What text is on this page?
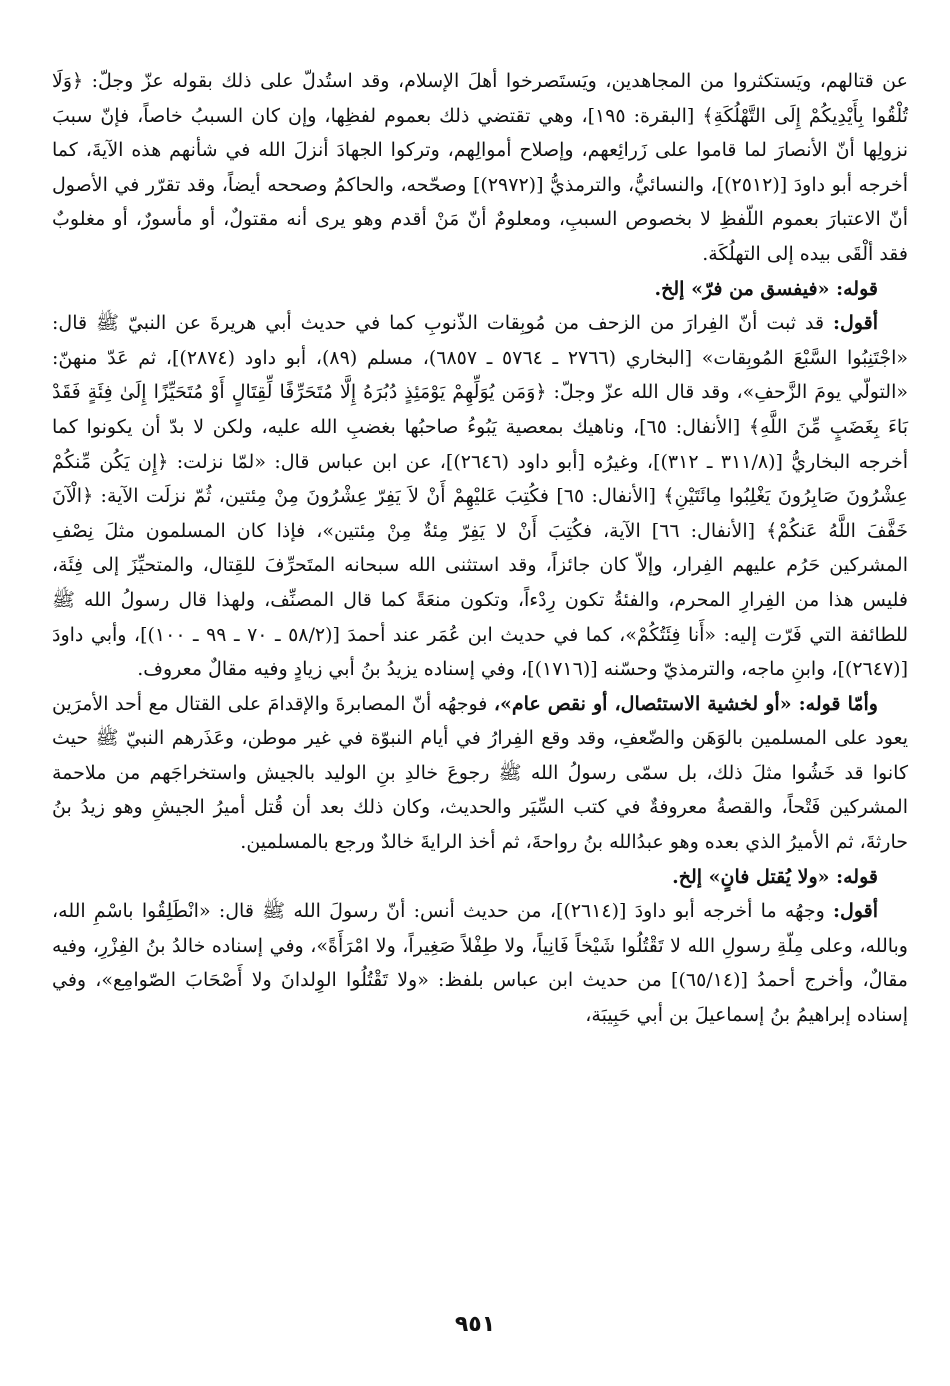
عن قتالهم، ويَستكثروا من المجاهدين، ويَستَصرخوا أهلَ الإسلام، وقد استُدلّ على ذلك بقوله عزّ وجلّ: ﴿وَلَا تُلْقُوا بِأَيْدِيكُمْ إِلَى التَّهْلُكَةِ﴾ [البقرة: ١٩٥]، وهي تقتضي ذلك بعموم لفظِها، وإن كان السببُ خاصاً، فإنّ سببَ نزولِها أنّ الأنصارَ لما قاموا على زَرائِعهم، وإصلاح أموالِهم، وتركوا الجهادَ أنزلَ الله في شأنهم هذه الآيةَ، كما أخرجه أبو داودَ [(٢٥١٢)]، والنسائيُّ، والترمذيُّ [(٢٩٧٢)] وصحّحه، والحاكمُ وصححه أيضاً، وقد تقرّر في الأصول أنّ الاعتبارَ بعموم اللّفظِ لا بخصوص السببِ، ومعلومٌ أنّ مَنْ أقدم وهو يرى أنه مقتولٌ، أو مأسورٌ، أو مغلوبٌ فقد ألْقَى بيده إلى التهلُكَة.

قوله: «فيفسق من فرّ» إلخ.

أقول: قد ثبت أنّ الفِرارَ من الزحف من مُوبِقات الذّنوبِ كما في حديث أبي هريرةَ عن النبيّ ﷺ قال: «اجْتَنِبُوا السَّبْعَ المُوبِقات» [البخاري (٢٧٦٦ ـ ٥٧٦٤ ـ ٦٨٥٧)، مسلم (٨٩)، أبو داود (٢٨٧٤)]، ثم عَدّ منهنّ: «التولّي يومَ الزَّحفِ»، وقد قال الله عزّ وجلّ: ﴿وَمَن يُوَلِّهِمْ يَوْمَئِذٍ دُبُرَهُ إِلَّا مُتَحَرِّفًا لِّقِتَالٍ أَوْ مُتَحَيِّزًا إِلَىٰ فِئَةٍ فَقَدْ بَاءَ بِغَضَبٍ مِّنَ اللَّهِ﴾ [الأنفال: ٦٥]، وناهيك بمعصية يَبُوءُ صاحبُها بغضبِ الله عليه، ولكن لا بدّ أن يكونوا كما أخرجه البخاريُّ [(٣١١/٨ ـ ٣١٢)]، وغيرُه [أبو داود (٢٦٤٦)]، عن ابن عباس قال: «لمّا نزلت: ﴿إِن يَكُن مِّنكُمْ عِشْرُونَ صَابِرُونَ يَغْلِبُوا مِائَتَيْنِ﴾ [الأنفال: ٦٥] فكُتِبَ عَليْهِمْ أَنْ لاَ يَفِرّ عِشْرُونَ مِنْ مِئتين، ثُمّ نزلَت الآية: ﴿الْآنَ خَفَّفَ اللَّهُ عَنكُمْ﴾ [الأنفال: ٦٦] الآية، فكُتِبَ أَنْ لا يَفِرّ مِئةٌ مِنْ مِئتين»، فإذا كان المسلمون مثلَ نِصْفِ المشركين حَرُم عليهم الفِرار، وإلاّ كان جائزاً، وقد استثنى الله سبحانه المتَحرِّفَ للقِتال، والمتحيِّزَ إلى فِئَة، فليس هذا من الفِرارِ المحرم، والفئةُ تكون رِدْءاً، وتكون منعَةً كما قال المصنِّف، ولهذا قال رسولُ الله ﷺ للطائفة التي فَرّت إليه: «أَنا فِئَتُكُمْ»، كما في حديث ابن عُمَر عند أحمدَ [(٥٨/٢ ـ ٧٠ ـ ٩٩ ـ ١٠٠)]، وأبي داودَ [(٢٦٤٧)]، وابنِ ماجه، والترمذيّ وحسّنه [(١٧١٦)]، وفي إسناده يزيدُ بنُ أبي زيادٍ وفيه مقالٌ معروف.

وأمّا قوله: «أو لخشية الاستئصال، أو نقص عام»، فوجهُه أنّ المصابرةَ والإقدامَ على القتال مع أحد الأمرَين يعود على المسلمين بالوَهَن والضّعفِ، وقد وقع الفِرارُ في أيام النبوّة في غير موطن، وعَذَرهم النبيّ ﷺ حيث كانوا قد خَشُوا مثلَ ذلك، بل سمّى رسولُ الله ﷺ رجوعَ خالدِ بنِ الوليد بالجيش واستخراجَهم من ملاحمة المشركين فَتْحاً، والقصةُ معروفةٌ في كتب السِّيَر والحديث، وكان ذلك بعد أن قُتل أميرُ الجيشِ وهو زيدُ بنُ حارثةَ، ثم الأميرُ الذي بعده وهو عبدُالله بنُ رواحةَ، ثم أخذ الرايةَ خالدٌ ورجع بالمسلمين.

قوله: «ولا يُقتل فانٍ» إلخ.

أقول: وجهُه ما أخرجه أبو داودَ [(٢٦١٤)]، من حديث أنس: أنّ رسولَ الله ﷺ قال: «انْطَلِقُوا باسْمِ الله، وبالله، وعلى مِلّةِ رسولِ الله لا تَقْتُلُوا شَيْخاً فَانِياً، ولا طِفْلاً صَغِيراً، ولا امْرَأَةً»، وفي إسناده خالدُ بنُ الفِزْرِ، وفيه مقالٌ، وأخرج أحمدُ [(٦٥/١٤)] من حديث ابن عباس بلفظ: «ولا تَقْتُلُوا الوِلدانَ ولا أَصْحَابَ الصّوامِع»، وفي إسناده إبراهيمُ بنُ إسماعيلَ بن أبي حَبِيبَة،

٩٥١
